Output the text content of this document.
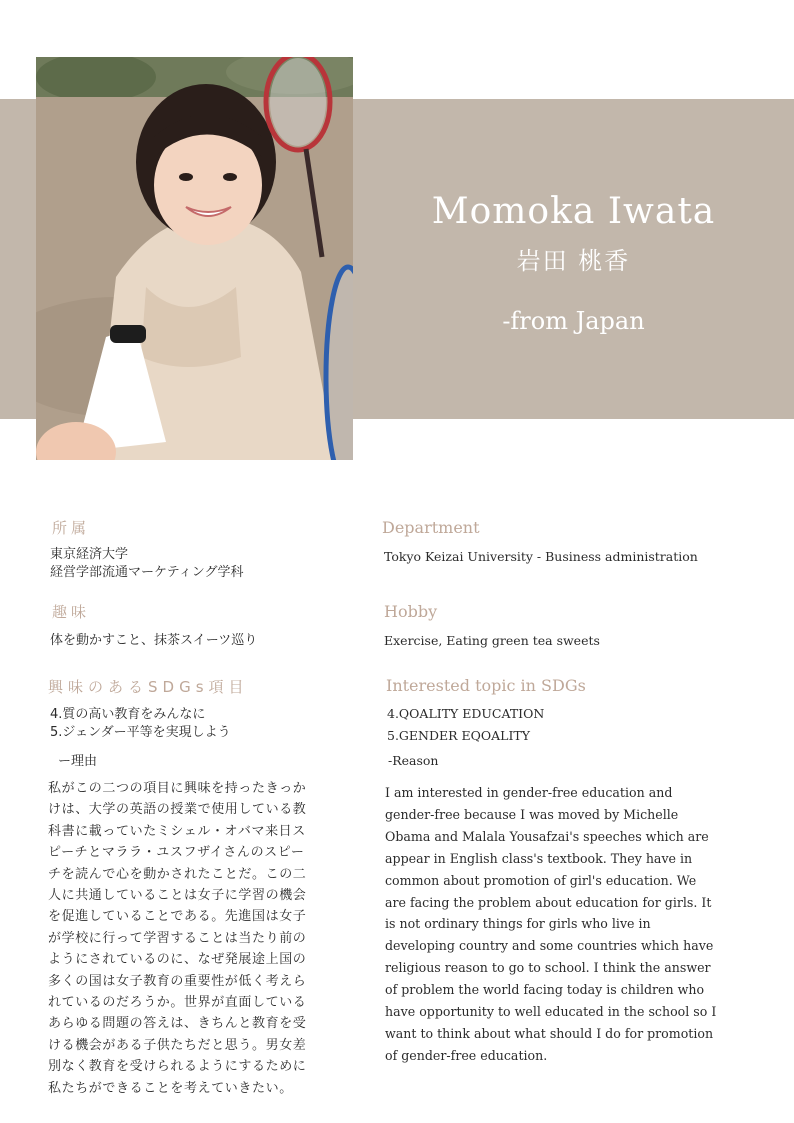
Momoka Iwata
岩田 桃香
-from Japan
所属
東京経済大学
経営学部流通マーケティング学科
趣味
体を動かすこと、抹茶スイーツ巡り
興味のあるSDGs項目
4.質の高い教育をみんなに
5.ジェンダー平等を実現しよう
ー理由
私がこの二つの項目に興味を持ったきっか
けは、大学の英語の授業で使用している教
科書に載っていたミシェル・オバマ来日ス
ピーチとマララ・ユスフザイさんのスピー
チを読んで心を動かされたことだ。この二
人に共通していることは女子に学習の機会
を促進していることである。先進国は女子
が学校に行って学習することは当たり前の
ようにされているのに、なぜ発展途上国の
多くの国は女子教育の重要性が低く考えら
れているのだろうか。世界が直面している
あらゆる問題の答えは、きちんと教育を受
ける機会がある子供たちだと思う。男女差
別なく教育を受けられるようにするために
私たちができることを考えていきたい。
Department
Tokyo Keizai University - Business administration
Hobby
Exercise, Eating green tea sweets
Interested topic in SDGs
4.QOALITY EDUCATION
5.GENDER EQOALITY
-Reason
I am interested in gender-free education and
gender-free because I was moved by Michelle
Obama and Malala Yousafzai's speeches which are
appear in English class's textbook. They have in
common about promotion of girl's education. We
are facing the problem about education for girls. It
is not ordinary things for girls who live in
developing country and some countries which have
religious reason to go to school. I think the answer
of problem the world facing today is children who
have opportunity to well educated in the school so I
want to think about what should I do for promotion
of gender-free education.
